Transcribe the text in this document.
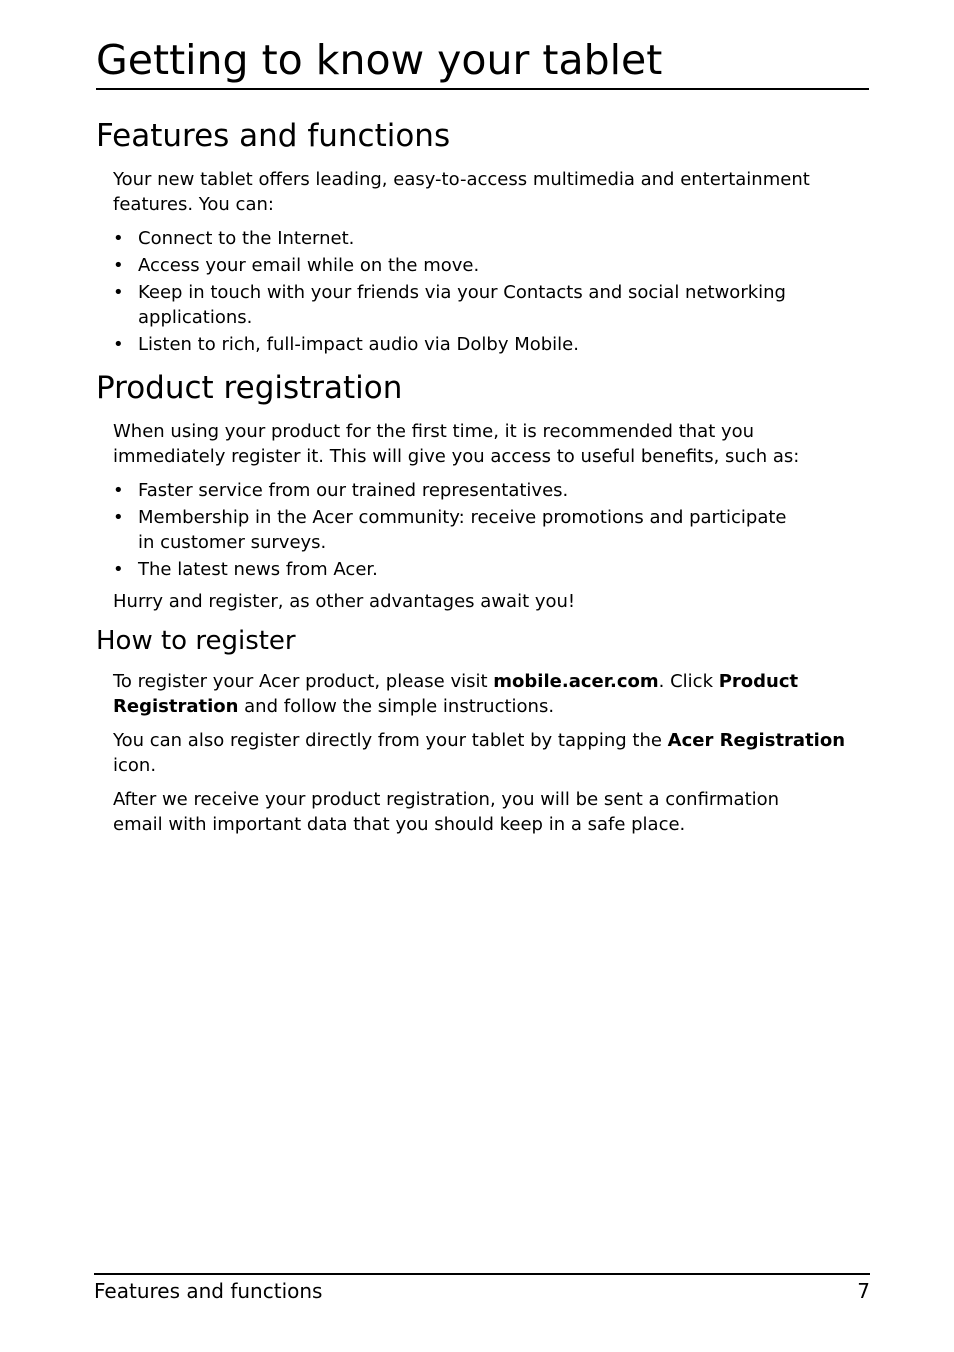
Getting to know your tablet
Features and functions

Your new tablet offers leading, easy-to-access multimedia and entertainment
features. You can:

• Connect to the Internet.
• Access your email while on the move.
• Keep in touch with your friends via your Contacts and social networking
applications.
• Listen to rich, full-impact audio via Dolby Mobile.
Product registration

When using your product for the first time, it is recommended that you
immediately register it. This will give you access to useful benefits, such as:

• Faster service from our trained representatives.
• Membership in the Acer community: receive promotions and participate
in customer surveys.
• The latest news from Acer.

Hurry and register, as other advantages await you!

How to register

To register your Acer product, please visit mobile.acer.com. Click Product
Registration and follow the simple instructions.

You can also register directly from your tablet by tapping the Acer Registration
icon.

After we receive your product registration, you will be sent a confirmation
email with important data that you should keep in a safe place.

Features and functions	7
